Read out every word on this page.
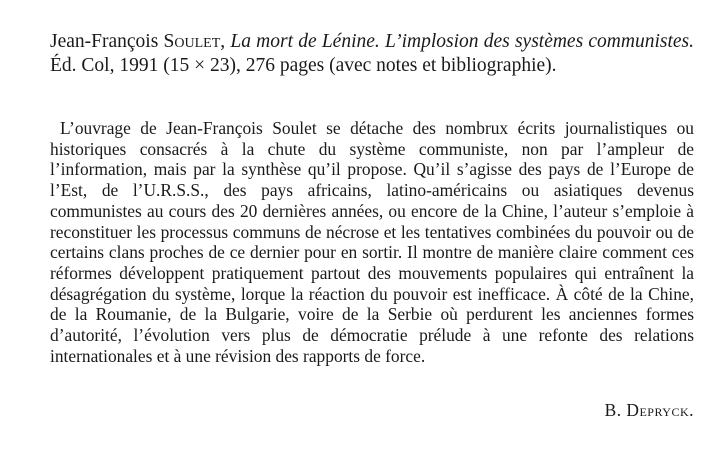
Jean-François Soulet, La mort de Lénine. L’implosion des systèmes communistes. Éd. Col, 1991 (15 × 23), 276 pages (avec notes et bibliographie).

L’ouvrage de Jean-François Soulet se détache des nombrux écrits journalistiques ou historiques consacrés à la chute du système communiste, non par l’ampleur de l’information, mais par la synthèse qu’il propose. Qu’il s’agisse des pays de l’Europe de l’Est, de l’U.R.S.S., des pays africains, latino-américains ou asiatiques devenus communistes au cours des 20 dernières années, ou encore de la Chine, l’auteur s’emploie à reconstituer les processus communs de nécrose et les tentatives combinées du pouvoir ou de certains clans proches de ce dernier pour en sortir. Il montre de manière claire comment ces réformes développent pratiquement partout des mouvements populaires qui entraînent la désagrégation du système, lorque la réaction du pouvoir est inefficace. À côté de la Chine, de la Roumanie, de la Bulgarie, voire de la Serbie où perdurent les anciennes formes d’autorité, l’évolution vers plus de démocratie prélude à une refonte des relations internationales et à une révision des rapports de force.

B. Depryck.
